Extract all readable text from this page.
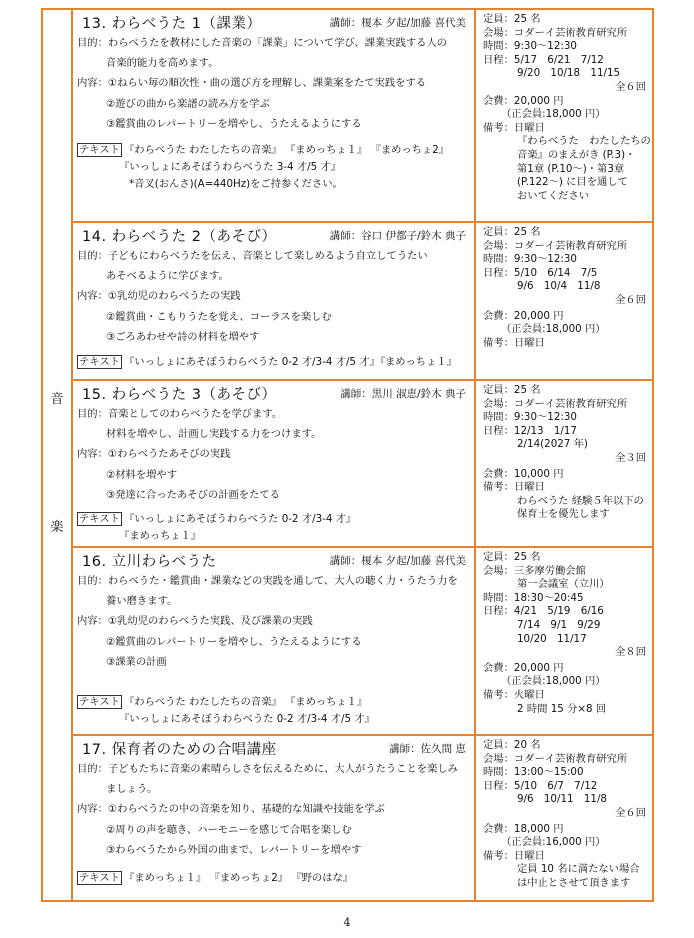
音
楽
13. わらべうた 1（課業）	講師：榎本 夕起/加藤 喜代美
目的：わらべうたを教材にした音楽の「課業」について学び、課業実践する人の
音楽的能力を高めます。
内容：①ねらい毎の順次性・曲の選び方を理解し、課業案をたて実践をする
②遊びの曲から楽譜の読み方を学ぶ
③鑑賞曲のレパートリーを増やし、うたえるようにする
テキスト 『わらべうた わたしたちの音楽』 『まめっちょ１』 『まめっちょ2』
『いっしょにあそぼうわらべうた 3-4 才/5 才』
*音叉(おんさ)(A=440Hz)をご持参ください。
定員：25 名
会場：コダーイ芸術教育研究所
時間：9:30～12:30
日程：5/17　6/21　7/12
9/20　10/18　11/15
全６回
会費：20,000 円
（正会員:18,000 円）
備考：日曜日
『わらべうた　わたしたちの
音楽』のまえがき (P.3)・
第1章 (P.10～)・第3章
(P.122～) に目を通して
おいてください
14. わらべうた 2（あそび）	講師：谷口 伊都子/鈴木 典子
目的：子どもにわらべうたを伝え、音楽として楽しめるよう自立してうたい
あそべるように学びます。
内容：①乳幼児のわらべうたの実践
②鑑賞曲・こもりうたを覚え、コーラスを楽しむ
③ごろあわせや詩の材料を増やす
テキスト 『いっしょにあそぼうわらべうた 0-2 才/3-4 才/5 才』『まめっちょ１』
定員：25 名
会場：コダーイ芸術教育研究所
時間：9:30～12:30
日程：5/10　6/14　7/5
9/6　10/4　11/8
全６回
会費：20,000 円
（正会員:18,000 円）
備考：日曜日
15. わらべうた 3（あそび）	講師：黒川 淑恵/鈴木 典子
目的：音楽としてのわらべうたを学びます。
材料を増やし、計画し実践する力をつけます。
内容：①わらべうたあそびの実践
②材料を増やす
③発達に合ったあそびの計画をたてる
テキスト 『いっしょにあそぼうわらべうた 0-2 才/3-4 才』
『まめっちょ１』
定員：25 名
会場：コダーイ芸術教育研究所
時間：9:30～12:30
日程：12/13　1/17
2/14(2027 年)
全３回
会費：10,000 円
備考：日曜日
わらべうた 経験５年以下の
保育士を優先します
16. 立川わらべうた	講師：榎本 夕起/加藤 喜代美
目的：わらべうた・鑑賞曲・課業などの実践を通して、大人の聴く力・うたう力を
養い磨きます。
内容：①乳幼児のわらべうた実践、及び課業の実践
②鑑賞曲のレパートリーを増やし、うたえるようにする
③課業の計画
テキスト 『わらべうた わたしたちの音楽』 『まめっちょ１』
『いっしょにあそぼうわらべうた 0-2 才/3-4 才/5 才』
定員：25 名
会場：三多摩労働会館
第一会議室（立川）
時間：18:30～20:45
日程：4/21　5/19　6/16
7/14　9/1　9/29
10/20　11/17
全８回
会費：20,000 円
（正会員:18,000 円）
備考：火曜日
2 時間 15 分×8 回
17. 保育者のための合唱講座	講師：佐久間 恵
目的：子どもたちに音楽の素晴らしさを伝えるために、大人がうたうことを楽しみ
ましょう。
内容：①わらべうたの中の音楽を知り、基礎的な知識や技能を学ぶ
②周りの声を聴き、ハーモニーを感じて合唱を楽しむ
③わらべうたから外国の曲まで、レパートリーを増やす
テキスト 『まめっちょ１』 『まめっちょ2』 『野のはな』
定員：20 名
会場：コダーイ芸術教育研究所
時間：13:00～15:00
日程：5/10　6/7　7/12
9/6　10/11　11/8
全６回
会費：18,000 円
（正会員:16,000 円）
備考：日曜日
定員 10 名に満たない場合
は中止とさせて頂きます
4
